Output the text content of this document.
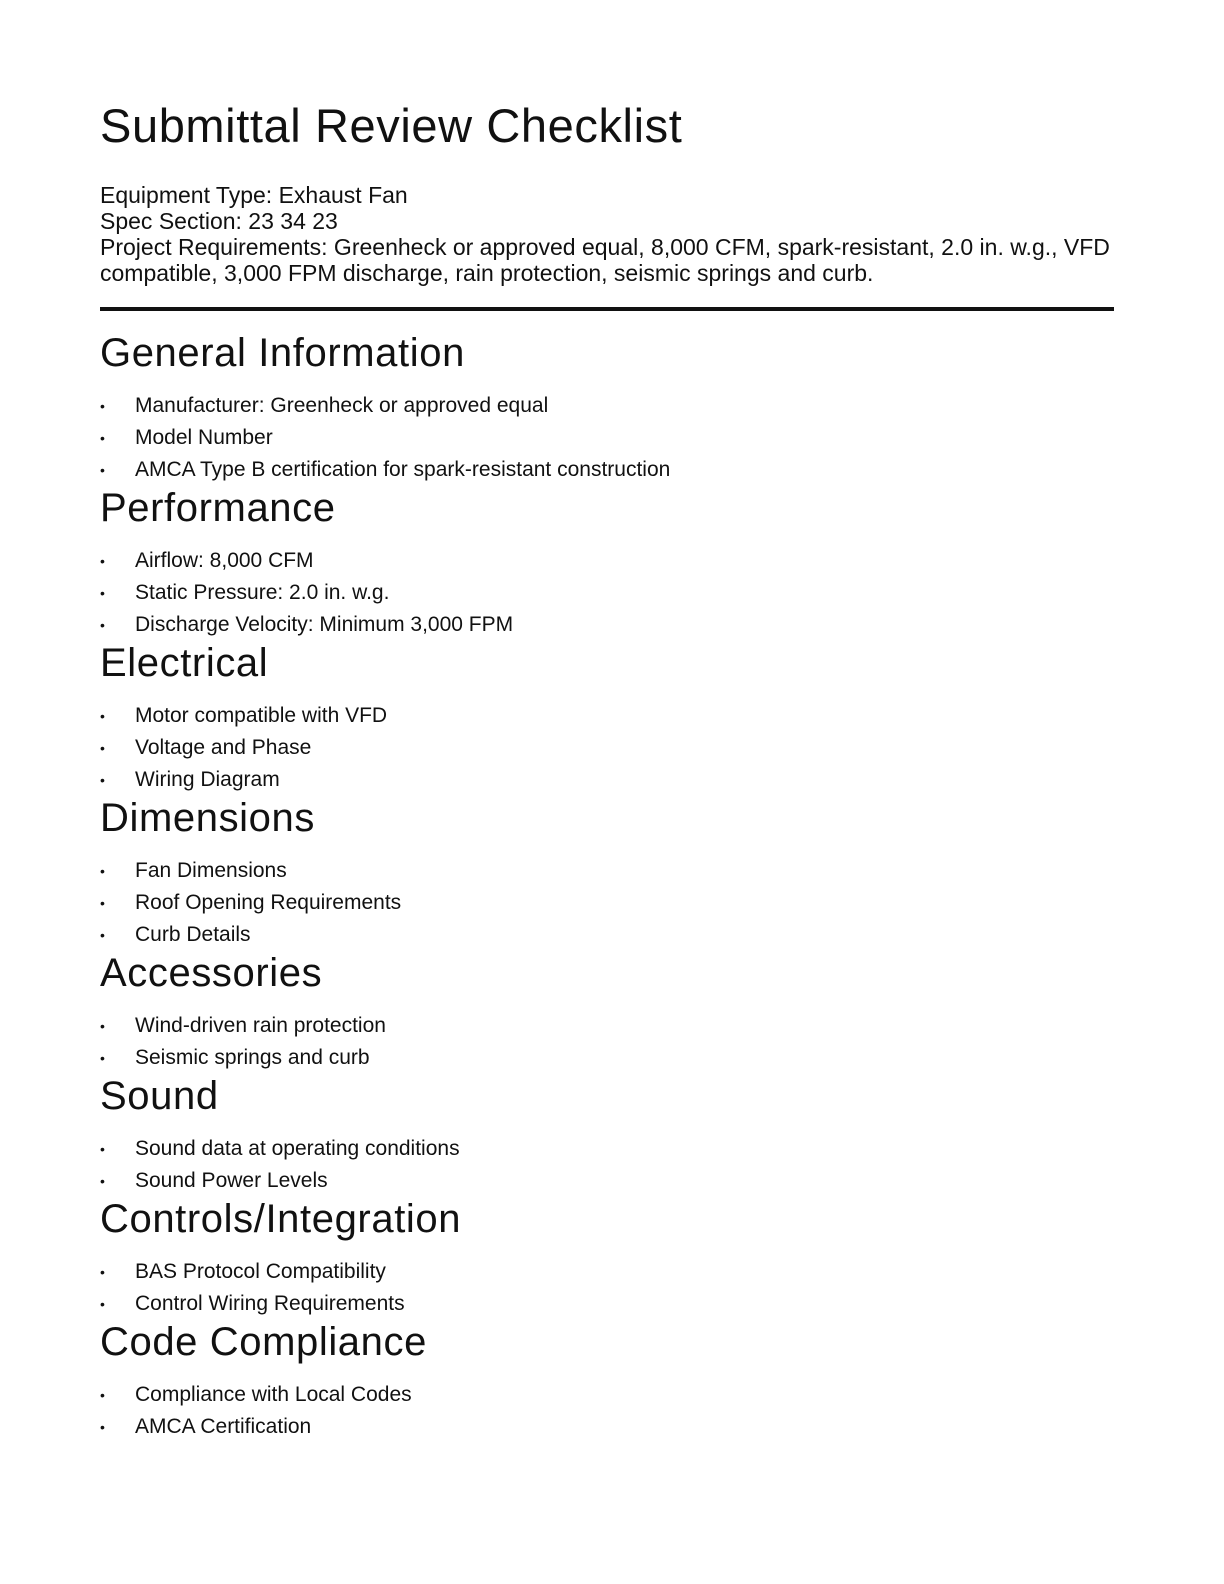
Submittal Review Checklist
Equipment Type: Exhaust Fan
Spec Section: 23 34 23
Project Requirements: Greenheck or approved equal, 8,000 CFM, spark-resistant, 2.0 in. w.g., VFD compatible, 3,000 FPM discharge, rain protection, seismic springs and curb.
General Information
• Manufacturer: Greenheck or approved equal
• Model Number
• AMCA Type B certification for spark-resistant construction
Performance
• Airflow: 8,000 CFM
• Static Pressure: 2.0 in. w.g.
• Discharge Velocity: Minimum 3,000 FPM
Electrical
• Motor compatible with VFD
• Voltage and Phase
• Wiring Diagram
Dimensions
• Fan Dimensions
• Roof Opening Requirements
• Curb Details
Accessories
• Wind-driven rain protection
• Seismic springs and curb
Sound
• Sound data at operating conditions
• Sound Power Levels
Controls/Integration
• BAS Protocol Compatibility
• Control Wiring Requirements
Code Compliance
• Compliance with Local Codes
• AMCA Certification
